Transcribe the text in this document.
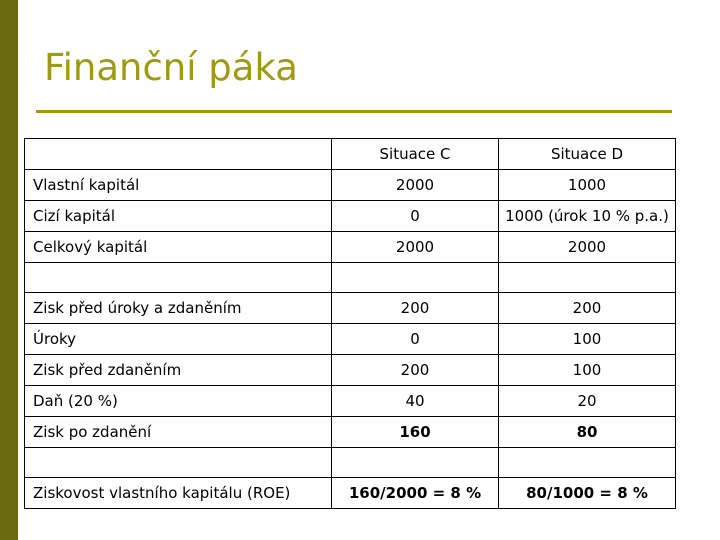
Finanční páka
	Situace C	Situace D
Vlastní kapitál	2000	1000
Cizí kapitál	0	1000 (úrok 10 % p.a.)
Celkový kapitál	2000	2000

Zisk před úroky a zdaněním	200	200
Úroky	0	100
Zisk před zdaněním	200	100
Daň (20 %)	40	20
Zisk po zdanění	160	80

Ziskovost vlastního kapitálu (ROE)	160/2000 = 8 %	80/1000 = 8 %
